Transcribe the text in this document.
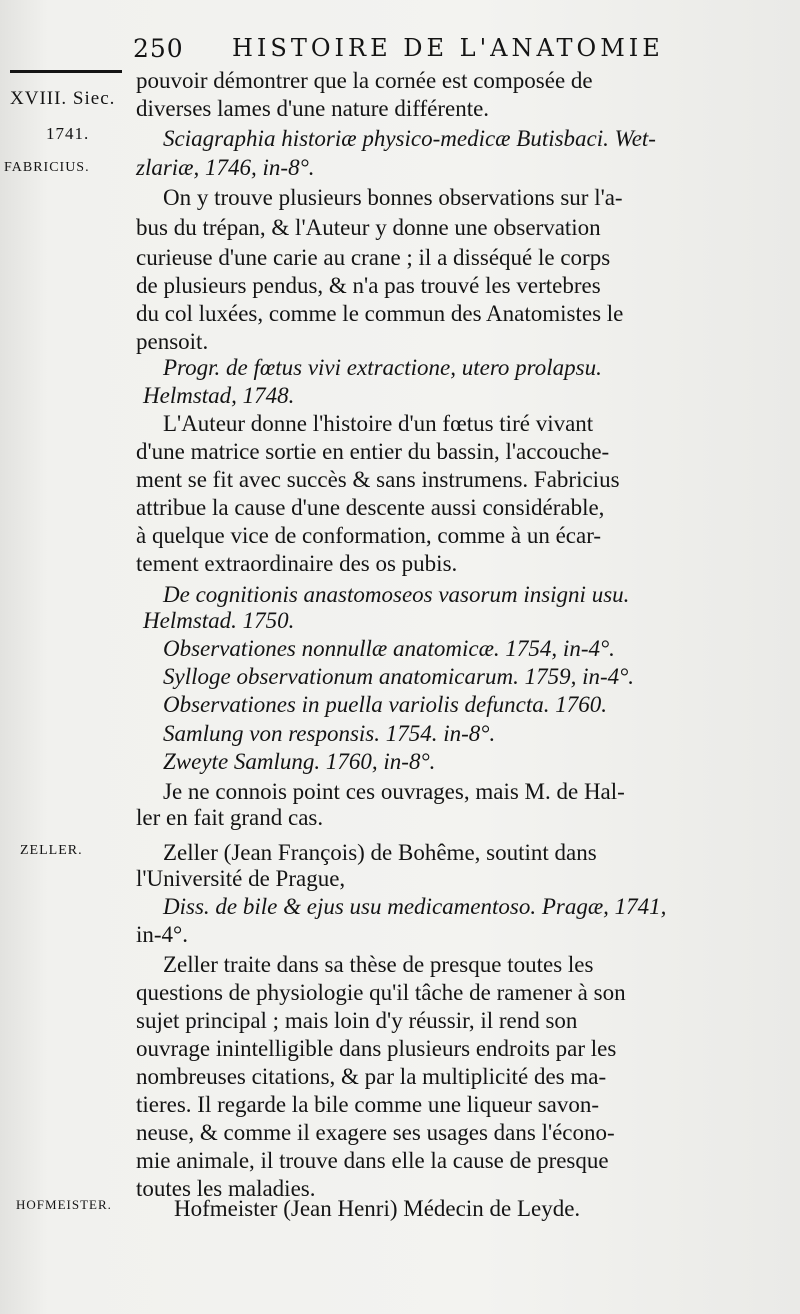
250 HISTOIRE DE L'ANATOMIE
XVIII. Siec.
1741.
FABRICIUS.
ZELLER.
HOFMEISTER.
pouvoir démontrer que la cornée est composée de
diverses lames d'une nature différente.
Sciagraphia historiæ physico-medicæ Butisbaci. Wet-
zlariæ, 1746, in-8°.
On y trouve plusieurs bonnes observations sur l'a-
bus du trépan, & l'Auteur y donne une observation
curieuse d'une carie au crane ; il a disséqué le corps
de plusieurs pendus, & n'a pas trouvé les vertebres
du col luxées, comme le commun des Anatomistes le
pensoit.
Progr. de fœtus vivi extractione, utero prolapsu.
Helmstad, 1748.
L'Auteur donne l'histoire d'un fœtus tiré vivant
d'une matrice sortie en entier du bassin, l'accouche-
ment se fit avec succès & sans instrumens. Fabricius
attribue la cause d'une descente aussi considérable,
à quelque vice de conformation, comme à un écar-
tement extraordinaire des os pubis.
De cognitionis anastomoseos vasorum insigni usu.
Helmstad. 1750.
Observationes nonnullæ anatomicæ. 1754, in-4°.
Sylloge observationum anatomicarum. 1759, in-4°.
Observationes in puella variolis defuncta. 1760.
Samlung von responsis. 1754. in-8°.
Zweyte Samlung. 1760, in-8°.
Je ne connois point ces ouvrages, mais M. de Hal-
ler en fait grand cas.
Zeller (Jean François) de Bohême, soutint dans
l'Université de Prague,
Diss. de bile & ejus usu medicamentoso. Pragæ, 1741,
in-4°.
Zeller traite dans sa thèse de presque toutes les
questions de physiologie qu'il tâche de ramener à son
sujet principal ; mais loin d'y réussir, il rend son
ouvrage inintelligible dans plusieurs endroits par les
nombreuses citations, & par la multiplicité des ma-
tieres. Il regarde la bile comme une liqueur savon-
neuse, & comme il exagere ses usages dans l'écono-
mie animale, il trouve dans elle la cause de presque
toutes les maladies.
Hofmeister (Jean Henri) Médecin de Leyde.
